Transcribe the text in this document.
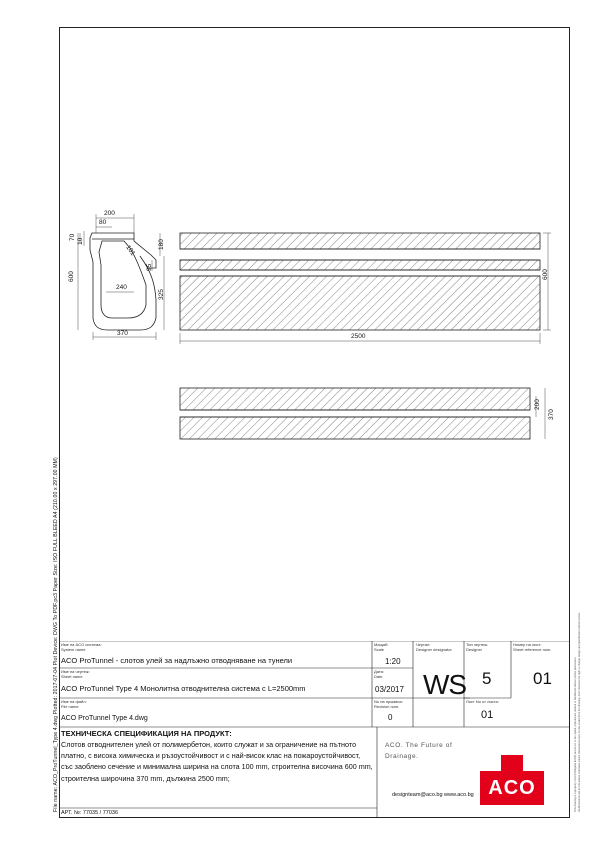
File name: ACO_ProTunnel_Type 4.dwg Plotted: 2017-07-04 Plot Device: DWG To PDF.pc3 Paper Size: ISO FULL BLEED A4 (210.00 x 297.00 MM)	This drawing is a property of ACO Bulgaria EOOD and is not to be copied, reproduced, altered or distributed without written permission. All dimensions are in mm unless otherwise stated. Dimensions must not be scaled from the drawing. ACO reserves the right to change design and specification without notice.
200
80
70
10
600
180
101
95
325
240
370
600
2500
200
370
Име на ACO система:
System name
ACO ProTunnel - слотов улей за надлъжно отводняване на тунели
Мащаб:
Scale
1:20
Чертал:
Designer designator
WS
Тип чертеж:
Designer
5
Номер на лист:
Sheet reference num.
01
Име на чертеж:
Sheet name
ACO ProTunnel Type 4 Монолитна отводнителна система с L=2500mm
Дата:
Date
03/2017
Лист No от листа:
01
Име на файл:
File name
ACO ProTunnel Type 4.dwg
No на промяна:
Revision num.
0
ТЕХНИЧЕСКА СПЕЦИФИКАЦИЯ НА ПРОДУКТ:
Слотов отводнителен улей от полимербетон, които служат и за ограничение на пътното платно, с висока химическа и ръзоустойчивост и с най-висок клас на пожароустойчивост, със заоблено сечение и минимална ширина на слота 100 mm, строителна височина 600 mm, строителна широчина 370 mm, дължина 2500 mm;
АРТ. №: 77035 / 77036
ACO. The Future of
Drainage.
designteam@aco.bg www.aco.bg ACO
